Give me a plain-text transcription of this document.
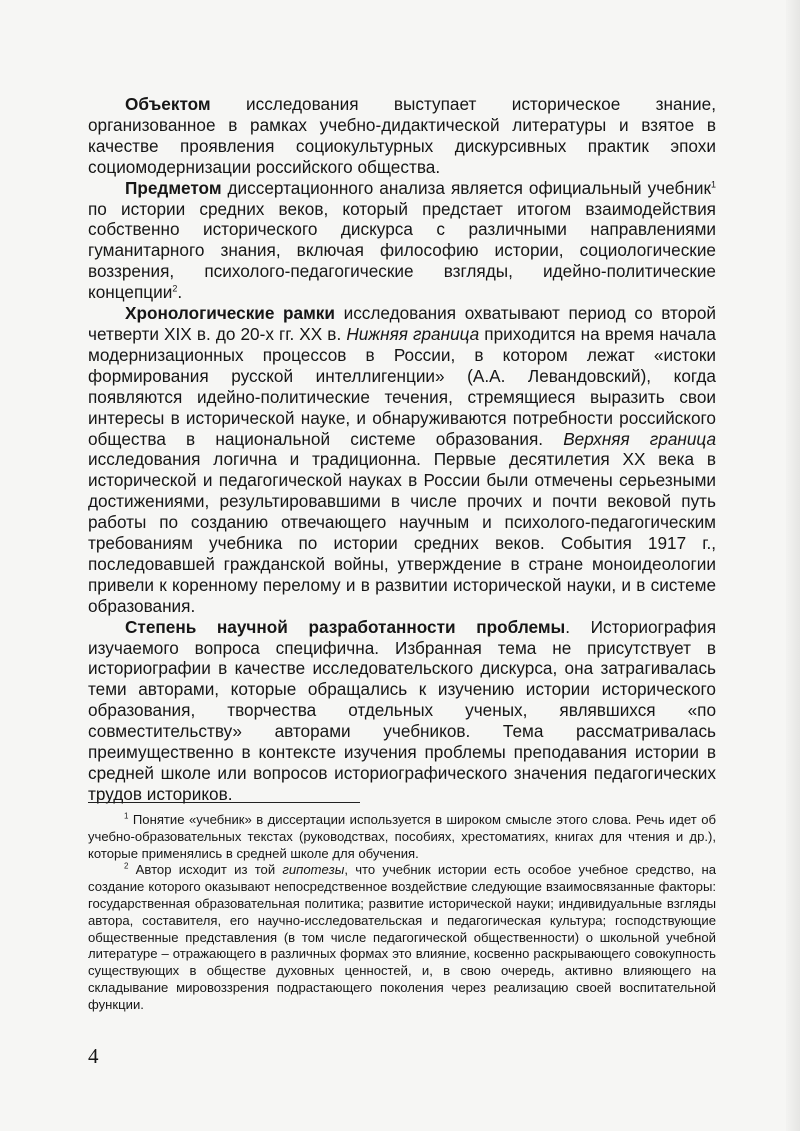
Объектом исследования выступает историческое знание, организованное в рамках учебно-дидактической литературы и взятое в качестве проявления социокультурных дискурсивных практик эпохи социомодернизации российского общества.

Предметом диссертационного анализа является официальный учебник$^1$ по истории средних веков, который предстает итогом взаимодействия собственно исторического дискурса с различными направлениями гуманитарного знания, включая философию истории, социологические воззрения, психолого-педагогические взгляды, идейно-политические концепции$^2$.

Хронологические рамки исследования охватывают период со второй четверти XIX в. до 20-х гг. XX в. Нижняя граница приходится на время начала модернизационных процессов в России, в котором лежат «истоки формирования русской интеллигенции» (А.А. Левандовский), когда появляются идейно-политические течения, стремящиеся выразить свои интересы в исторической науке, и обнаруживаются потребности российского общества в национальной системе образования. Верхняя граница исследования логична и традиционна. Первые десятилетия XX века в исторической и педагогической науках в России были отмечены серьезными достижениями, результировавшими в числе прочих и почти вековой путь работы по созданию отвечающего научным и психолого-педагогическим требованиям учебника по истории средних веков. События 1917 г., последовавшей гражданской войны, утверждение в стране моноидеологии привели к коренному перелому и в развитии исторической науки, и в системе образования.

Степень научной разработанности проблемы. Историография изучаемого вопроса специфична. Избранная тема не присутствует в историографии в качестве исследовательского дискурса, она затрагивалась теми авторами, которые обращались к изучению истории исторического образования, творчества отдельных ученых, являвшихся «по совместительству» авторами учебников. Тема рассматривалась преимущественно в контексте изучения проблемы преподавания истории в средней школе или вопросов историографического значения педагогических трудов историков.

$^1$ Понятие «учебник» в диссертации используется в широком смысле этого слова. Речь идет об учебно-образовательных текстах (руководствах, пособиях, хрестоматиях, книгах для чтения и др.), которые применялись в средней школе для обучения.

$^2$ Автор исходит из той гипотезы, что учебник истории есть особое учебное средство, на создание которого оказывают непосредственное воздействие следующие взаимосвязанные факторы: государственная образовательная политика; развитие исторической науки; индивидуальные взгляды автора, составителя, его научно-исследовательская и педагогическая культура; господствующие общественные представления (в том числе педагогической общественности) о школьной учебной литературе – отражающего в различных формах это влияние, косвенно раскрывающего совокупность существующих в обществе духовных ценностей, и, в свою очередь, активно влияющего на складывание мировоззрения подрастающего поколения через реализацию своей воспитательной функции.

4
